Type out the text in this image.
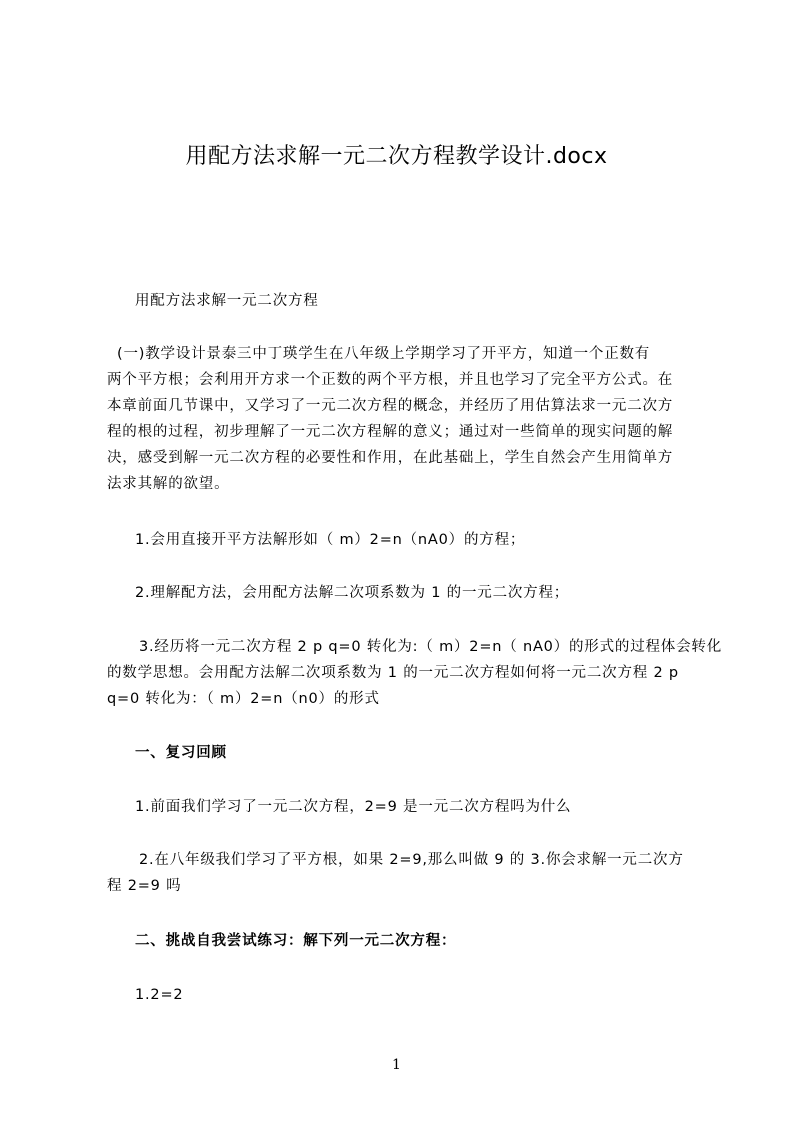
用配方法求解一元二次方程教学设计.docx
用配方法求解一元二次方程
(一)教学设计景泰三中丁瑛学生在八年级上学期学习了开平方，知道一个正数有
两个平方根；会利用开方求一个正数的两个平方根，并且也学习了完全平方公式。在
本章前面几节课中，又学习了一元二次方程的概念，并经历了用估算法求一元二次方
程的根的过程，初步理解了一元二次方程解的意义；通过对一些简单的现实问题的解
决，感受到解一元二次方程的必要性和作用，在此基础上，学生自然会产生用简单方
法求其解的欲望。
1.会用直接开平方法解形如（ m）2=n（nA0）的方程；
2.理解配方法，会用配方法解二次项系数为 1 的一元二次方程；
3.经历将一元二次方程 2 p q=0 转化为:（ m）2=n（ nA0）的形式的过程体会转化
的数学思想。会用配方法解二次项系数为 1 的一元二次方程如何将一元二次方程 2 p
q=0 转化为：（ m）2=n（n0）的形式
一、复习回顾
1.前面我们学习了一元二次方程，2=9 是一元二次方程吗为什么
2.在八年级我们学习了平方根，如果 2=9,那么叫做 9 的 3.你会求解一元二次方
程 2=9 吗
二、挑战自我尝试练习：解下列一元二次方程：
1.2=2
1
